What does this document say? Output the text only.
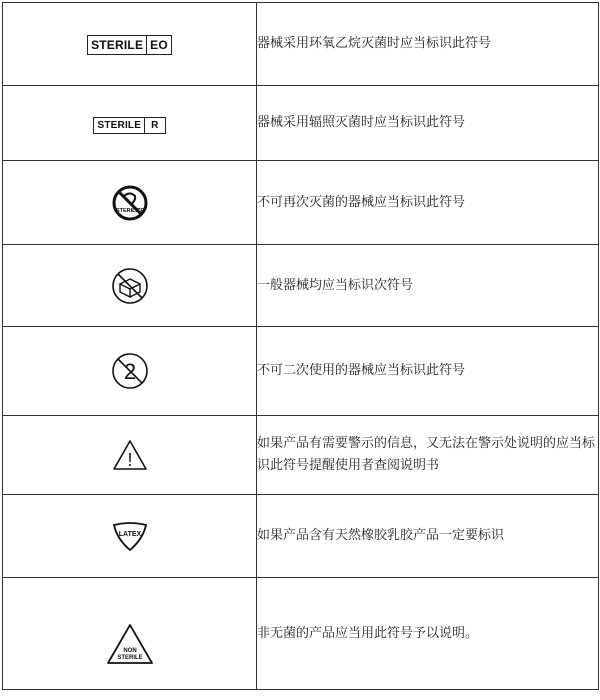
STERILE EO	器械采用环氧乙烷灭菌时应当标识此符号

STERILE R	器械采用辐照灭菌时应当标识此符号

STERILIZE	不可再次灭菌的器械应当标识此符号
	一般器械均应当标识次符号

2	不可二次使用的器械应当标识此符号

!	如果产品有需要警示的信息，又无法在警示处说明的应当标识此符号提醒使用者查阅说明书

LATEX	如果产品含有天然橡胶乳胶产品一定要标识

NON
STERILE	非无菌的产品应当用此符号予以说明。
